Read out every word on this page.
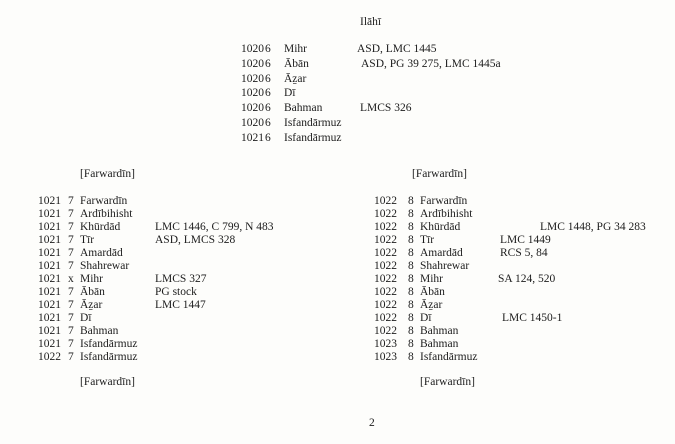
Ilāhī
1020 6 Mihr	ASD, LMC 1445
1020 6 Ābān	ASD, PG 39 275, LMC 1445a
1020 6 Āẕar
1020 6 Dī
1020 6 Bahman	LMCS 326
1020 6 Isfandārmuz
1021 6 Isfandārmuz
[Farwardīn]
1021 7 Farwardīn
1021 7 Ardībihisht
1021 7 Khūrdād	LMC 1446, C 799, N 483
1021 7 Tīr	ASD, LMCS 328
1021 7 Amardād
1021 7 Shahrewar
1021 x Mihr	LMCS 327
1021 7 Ābān	PG stock
1021 7 Āẕar	LMC 1447
1021 7 Dī
1021 7 Bahman
1021 7 Isfandārmuz
1022 7 Isfandārmuz
[Farwardīn]
[Farwardīn]
1022 8 Farwardīn
1022 8 Ardībihisht
1022 8 Khūrdād	LMC 1448, PG 34 283
1022 8 Tīr	LMC 1449
1022 8 Amardād	RCS 5, 84
1022 8 Shahrewar
1022 8 Mihr	SA 124, 520
1022 8 Ābān
1022 8 Āẕar
1022 8 Dī	LMC 1450-1
1022 8 Bahman
1023 8 Bahman
1023 8 Isfandārmuz
[Farwardīn]
2
